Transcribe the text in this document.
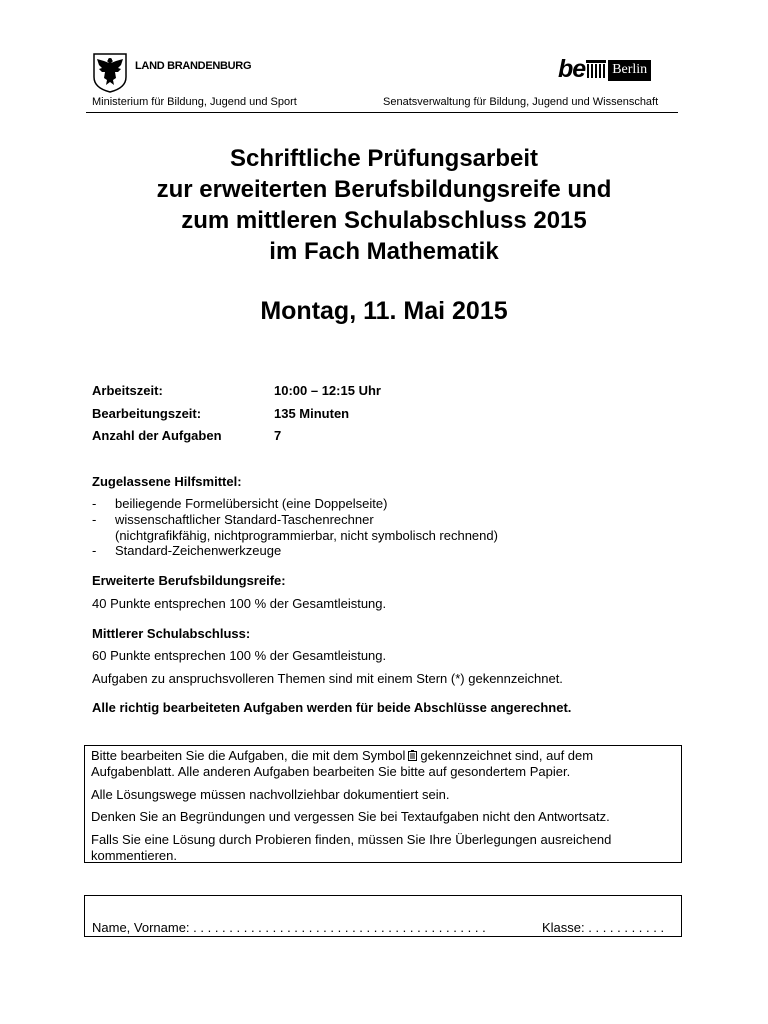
LAND BRANDENBURG	be Berlin
Ministerium für Bildung, Jugend und Sport	Senatsverwaltung für Bildung, Jugend und Wissenschaft
Schriftliche Prüfungsarbeit
zur erweiterten Berufsbildungsreife und
zum mittleren Schulabschluss 2015
im Fach Mathematik
Montag, 11. Mai 2015
Arbeitszeit:	10:00 – 12:15 Uhr
Bearbeitungszeit:	135 Minuten
Anzahl der Aufgaben	7
Zugelassene Hilfsmittel:
- beiliegende Formelübersicht (eine Doppelseite)
- wissenschaftlicher Standard-Taschenrechner
(nichtgrafikfähig, nichtprogrammierbar, nicht symbolisch rechnend)
- Standard-Zeichenwerkzeuge
Erweiterte Berufsbildungsreife:
40 Punkte entsprechen 100 % der Gesamtleistung.
Mittlerer Schulabschluss:
60 Punkte entsprechen 100 % der Gesamtleistung.
Aufgaben zu anspruchsvolleren Themen sind mit einem Stern (*) gekennzeichnet.
Alle richtig bearbeiteten Aufgaben werden für beide Abschlüsse angerechnet.
Bitte bearbeiten Sie die Aufgaben, die mit dem Symbol gekennzeichnet sind, auf dem
Aufgabenblatt. Alle anderen Aufgaben bearbeiten Sie bitte auf gesondertem Papier.
Alle Lösungswege müssen nachvollziehbar dokumentiert sein.
Denken Sie an Begründungen und vergessen Sie bei Textaufgaben nicht den Antwortsatz.
Falls Sie eine Lösung durch Probieren finden, müssen Sie Ihre Überlegungen ausreichend
kommentieren.
Name, Vorname: . . . . . . . . . . . . . . . . . . . . . . . . . . . . . . . . . . . . . . . . .	Klasse: . . . . . . . . . . .
